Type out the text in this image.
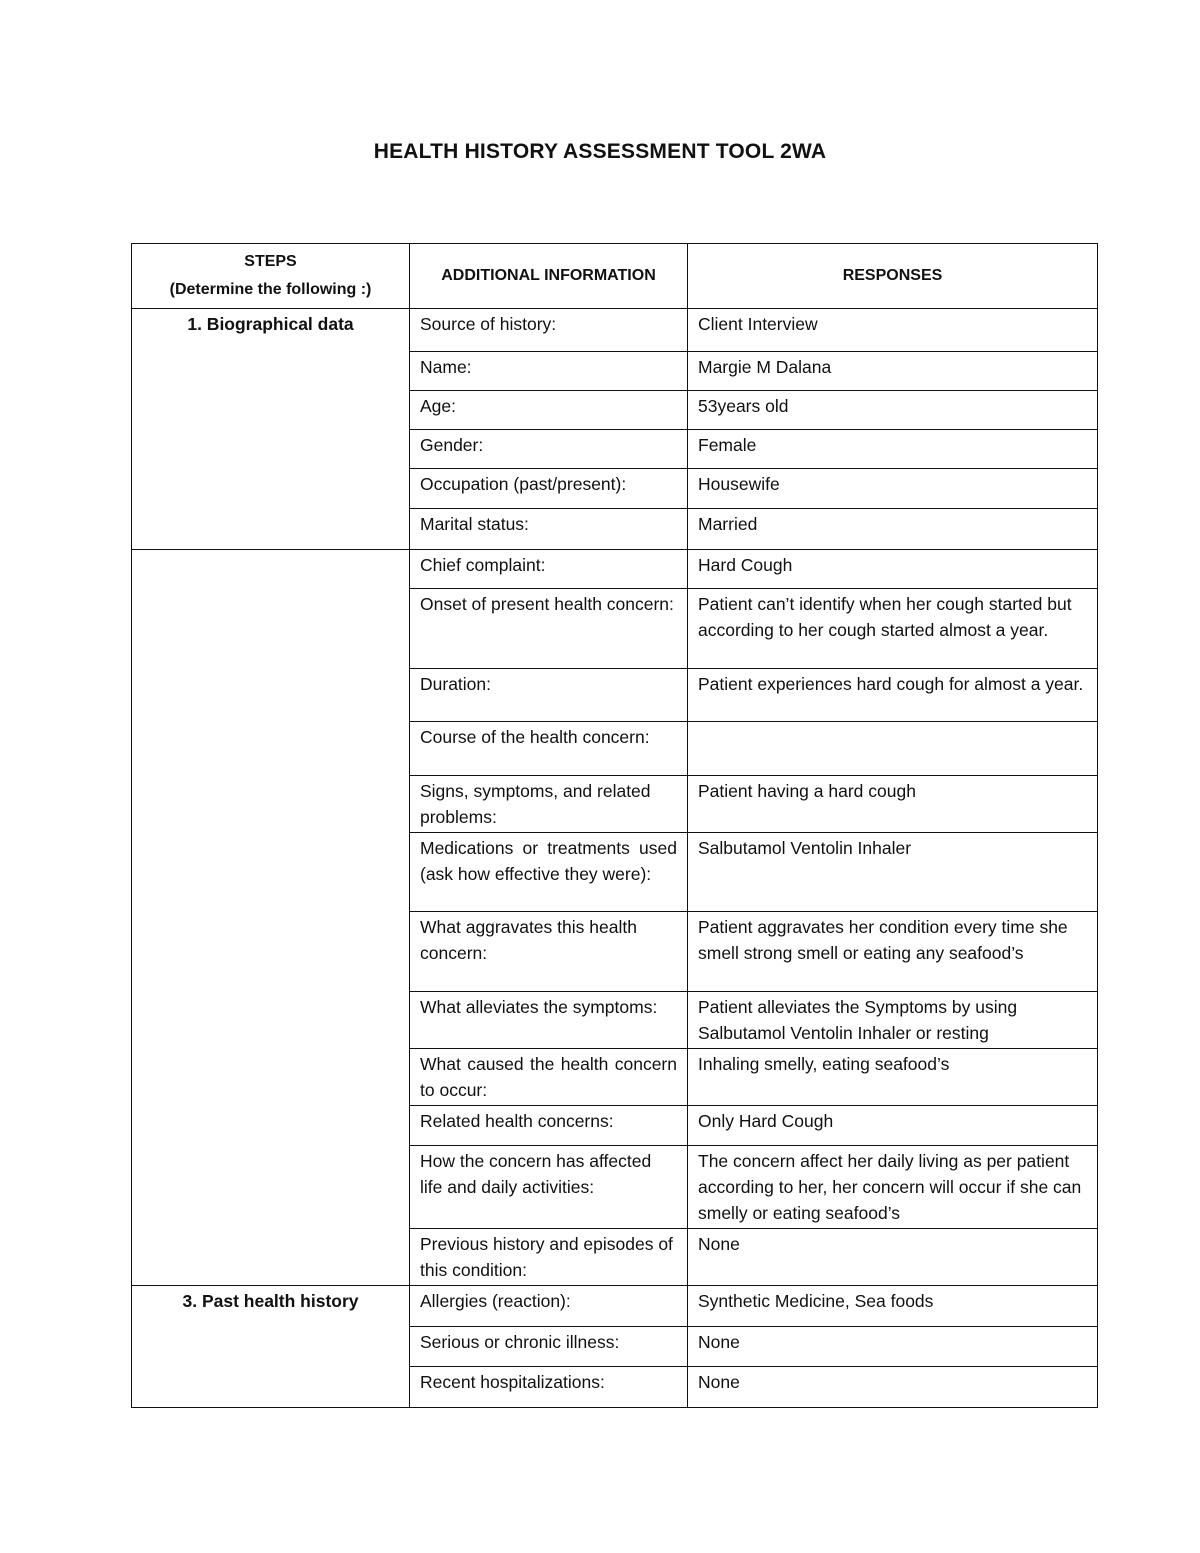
HEALTH HISTORY ASSESSMENT TOOL 2WA
STEPS
(Determine the following :)	ADDITIONAL INFORMATION	RESPONSES
1. Biographical data	Source of history:	Client Interview
	Name:	Margie M Dalana
	Age:	53years old
	Gender:	Female
	Occupation (past/present):	Housewife
	Marital status:	Married
	Chief complaint:	Hard Cough
	Onset of present health concern:	Patient can’t identify when her cough started but according to her cough started almost a year.
	Duration:	Patient experiences hard cough for almost a year.
	Course of the health concern:	
	Signs, symptoms, and related problems:	Patient having a hard cough
	Medications or treatments used (ask how effective they were):	Salbutamol Ventolin Inhaler
	What aggravates this health concern:	Patient aggravates her condition every time she smell strong smell or eating any seafood’s
	What alleviates the symptoms:	Patient alleviates the Symptoms by using Salbutamol Ventolin Inhaler or resting
	What caused the health concern to occur:	Inhaling smelly, eating seafood’s
	Related health concerns:	Only Hard Cough
	How the concern has affected life and daily activities:	The concern affect her daily living as per patient according to her, her concern will occur if she can smelly or eating seafood’s
	Previous history and episodes of this condition:	None
3. Past health history	Allergies (reaction):	Synthetic Medicine, Sea foods
	Serious or chronic illness:	None
	Recent hospitalizations:	None
